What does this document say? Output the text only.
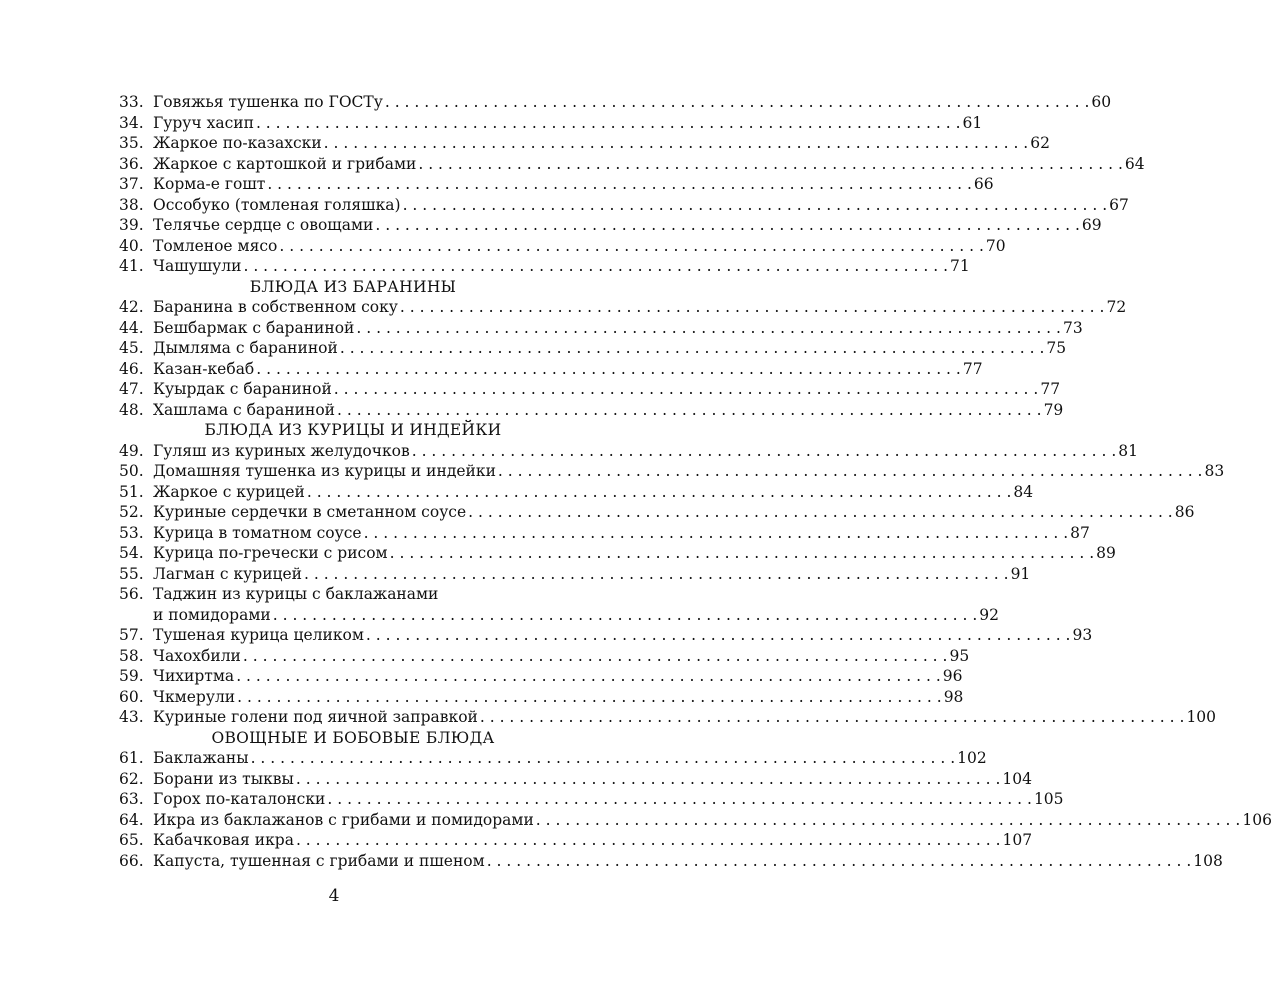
33. Говяжья тушенка по ГОСТу . . .	60
34. Гуруч хасип . . .	61
35. Жаркое по-казахски . . .	62
36. Жаркое с картошкой и грибами . . .	64
37. Корма-е гошт . . .	66
38. Оссобуко (томленая голяшка) . . .	67
39. Телячье сердце с овощами . . .	69
40. Томленое мясо . . .	70
41. Чашушули . . .	71
БЛЮДА ИЗ БАРАНИНЫ
42. Баранина в собственном соку . . .	72
44. Бешбармак с бараниной . . .	73
45. Дымляма с бараниной . . .	75
46. Казан-кебаб . . .	77
47. Куырдак с бараниной . . .	77
48. Хашлама с бараниной . . .	79
БЛЮДА ИЗ КУРИЦЫ И ИНДЕЙКИ
49. Гуляш из куриных желудочков . . .	81
50. Домашняя тушенка из курицы и индейки . . .	83
51. Жаркое с курицей . . .	84
52. Куриные сердечки в сметанном соусе . . .	86
53. Курица в томатном соусе . . .	87
54. Курица по-гречески с рисом . . .	89
55. Лагман с курицей . . .	91
56. Таджин из курицы с баклажанами
и помидорами . . .	92
57. Тушеная курица целиком . . .	93
58. Чахохбили . . .	95
59. Чихиртма . . .	96
60. Чкмерули . . .	98
43. Куриные голени под яичной заправкой . . .	100
ОВОЩНЫЕ И БОБОВЫЕ БЛЮДА
61. Баклажаны . . .	102
62. Борани из тыквы . . .	104
63. Горох по-каталонски . . .	105
64. Икра из баклажанов с грибами и помидорами . . .	106
65. Кабачковая икра . . .	107
66. Капуста, тушенная с грибами и пшеном . . .	108
4
